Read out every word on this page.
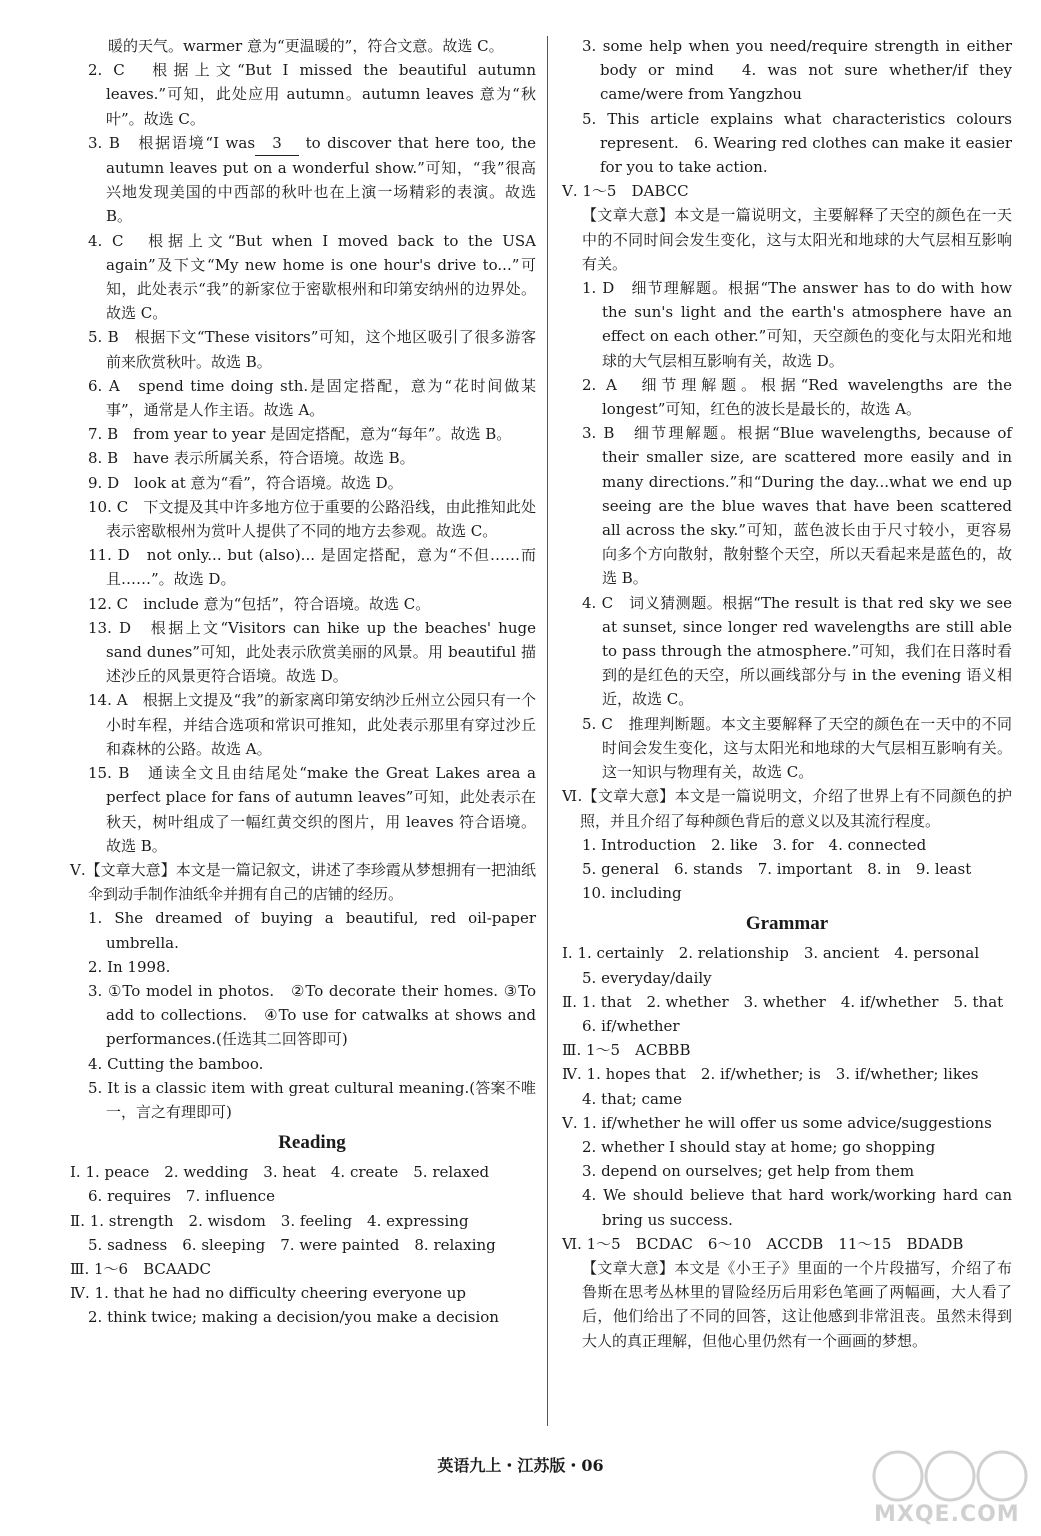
暖的天气。warmer 意为“更温暖的”，符合文意。故选 C。

2. C　根据上文“But I missed the beautiful autumn leaves.”可知，此处应用 autumn。autumn leaves 意为“秋叶”。故选 C。

3. B　根据语境“I was 3 to discover that here too, the autumn leaves put on a wonderful show.”可知，“我”很高兴地发现美国的中西部的秋叶也在上演一场精彩的表演。故选 B。

4. C　根据上文“But when I moved back to the USA again”及下文“My new home is one hour's drive to...”可知，此处表示“我”的新家位于密歇根州和印第安纳州的边界处。故选 C。

5. B　根据下文“These visitors”可知，这个地区吸引了很多游客前来欣赏秋叶。故选 B。

6. A　spend time doing sth.是固定搭配，意为“花时间做某事”，通常是人作主语。故选 A。

7. B　from year to year 是固定搭配，意为“每年”。故选 B。

8. B　have 表示所属关系，符合语境。故选 B。

9. D　look at 意为“看”，符合语境。故选 D。

10. C　下文提及其中许多地方位于重要的公路沿线，由此推知此处表示密歇根州为赏叶人提供了不同的地方去参观。故选 C。

11. D　not only... but (also)... 是固定搭配，意为“不但……而且……”。故选 D。

12. C　include 意为“包括”，符合语境。故选 C。

13. D　根据上文“Visitors can hike up the beaches' huge sand dunes”可知，此处表示欣赏美丽的风景。用 beautiful 描述沙丘的风景更符合语境。故选 D。

14. A　根据上文提及“我”的新家离印第安纳沙丘州立公园只有一个小时车程，并结合选项和常识可推知，此处表示那里有穿过沙丘和森林的公路。故选 A。

15. B　通读全文且由结尾处“make the Great Lakes area a perfect place for fans of autumn leaves”可知，此处表示在秋天，树叶组成了一幅红黄交织的图片，用 leaves 符合语境。故选 B。

Ⅴ.【文章大意】本文是一篇记叙文，讲述了李珍霞从梦想拥有一把油纸伞到动手制作油纸伞并拥有自己的店铺的经历。

1. She dreamed of buying a beautiful, red oil-paper umbrella.

2. In 1998.

3. ①To model in photos.　②To decorate their homes. ③To add to collections.　④To use for catwalks at shows and performances.(任选其二回答即可)

4. Cutting the bamboo.

5. It is a classic item with great cultural meaning.(答案不唯一，言之有理即可)

Reading

Ⅰ. 1. peace　2. wedding　3. heat　4. create　5. relaxed

6. requires　7. influence

Ⅱ. 1. strength　2. wisdom　3. feeling　4. expressing

5. sadness　6. sleeping　7. were painted　8. relaxing

Ⅲ. 1～6　BCAADC

Ⅳ. 1. that he had no difficulty cheering everyone up

2. think twice; making a decision/you make a decision

3. some help when you need/require strength in either body or mind　4. was not sure whether/if they came/were from Yangzhou

5. This article explains what characteristics colours represent.　6. Wearing red clothes can make it easier for you to take action.

Ⅴ. 1～5　DABCC

【文章大意】本文是一篇说明文，主要解释了天空的颜色在一天中的不同时间会发生变化，这与太阳光和地球的大气层相互影响有关。

1. D　细节理解题。根据“The answer has to do with how the sun's light and the earth's atmosphere have an effect on each other.”可知，天空颜色的变化与太阳光和地球的大气层相互影响有关，故选 D。

2. A　细节理解题。根据“Red wavelengths are the longest”可知，红色的波长是最长的，故选 A。

3. B　细节理解题。根据“Blue wavelengths, because of their smaller size, are scattered more easily and in many directions.”和“During the day...what we end up seeing are the blue waves that have been scattered all across the sky.”可知，蓝色波长由于尺寸较小，更容易向多个方向散射，散射整个天空，所以天看起来是蓝色的，故选 B。

4. C　词义猜测题。根据“The result is that red sky we see at sunset, since longer red wavelengths are still able to pass through the atmosphere.”可知，我们在日落时看到的是红色的天空，所以画线部分与 in the evening 语义相近，故选 C。

5. C　推理判断题。本文主要解释了天空的颜色在一天中的不同时间会发生变化，这与太阳光和地球的大气层相互影响有关。这一知识与物理有关，故选 C。

Ⅵ.【文章大意】本文是一篇说明文，介绍了世界上有不同颜色的护照，并且介绍了每种颜色背后的意义以及其流行程度。

1. Introduction　2. like　3. for　4. connected

5. general　6. stands　7. important　8. in　9. least

10. including

Grammar

Ⅰ. 1. certainly　2. relationship　3. ancient　4. personal

5. everyday/daily

Ⅱ. 1. that　2. whether　3. whether　4. if/whether　5. that

6. if/whether

Ⅲ. 1～5　ACBBB

Ⅳ. 1. hopes that　2. if/whether; is　3. if/whether; likes

4. that; came

Ⅴ. 1. if/whether he will offer us some advice/suggestions

2. whether I should stay at home; go shopping

3. depend on ourselves; get help from them

4. We should believe that hard work/working hard can bring us success.

Ⅵ. 1～5　BCDAC　6～10　ACCDB　11～15　BDADB

【文章大意】本文是《小王子》里面的一个片段描写，介绍了布鲁斯在思考丛林里的冒险经历后用彩色笔画了两幅画，大人看了后，他们给出了不同的回答，这让他感到非常沮丧。虽然未得到大人的真正理解，但他心里仍然有一个画画的梦想。

英语九上・江苏版・06
MXQE.COM
